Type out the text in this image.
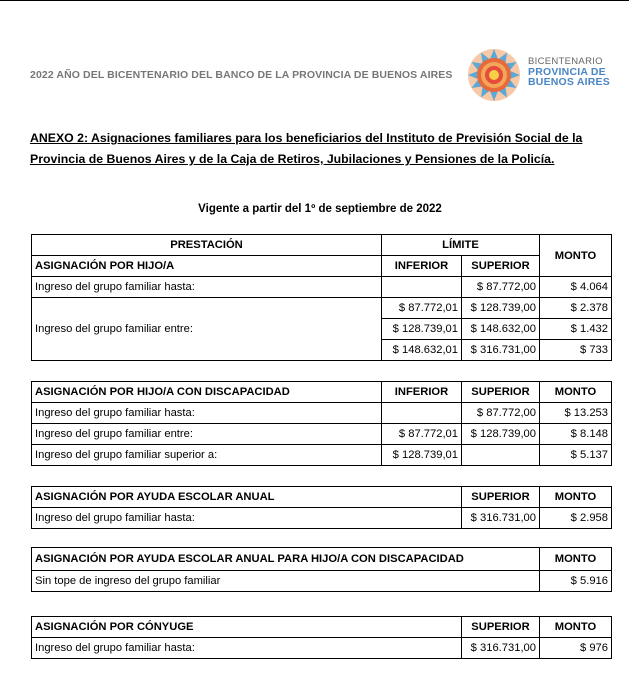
2022 AÑO DEL BICENTENARIO DEL BANCO DE LA PROVINCIA DE BUENOS AIRES
BICENTENARIO
PROVINCIA DE
BUENOS AIRES
ANEXO 2: Asignaciones familiares para los beneficiarios del Instituto de Previsión Social de la Provincia de Buenos Aires y de la Caja de Retiros, Jubilaciones y Pensiones de la Policía.
Vigente a partir del 1º de septiembre de 2022
PRESTACIÓN	LÍMITE		MONTO
ASIGNACIÓN POR HIJO/A	INFERIOR	SUPERIOR	
Ingreso del grupo familiar hasta:		$ 87.772,00	$ 4.064
Ingreso del grupo familiar entre:	$ 87.772,01	$ 128.739,00	$ 2.378
	$ 128.739,01	$ 148.632,00	$ 1.432
	$ 148.632,01	$ 316.731,00	$ 733
ASIGNACIÓN POR HIJO/A CON DISCAPACIDAD	INFERIOR	SUPERIOR	MONTO
Ingreso del grupo familiar hasta:		$ 87.772,00	$ 13.253
Ingreso del grupo familiar entre:	$ 87.772,01	$ 128.739,00	$ 8.148
Ingreso del grupo familiar superior a:	$ 128.739,01		$ 5.137
ASIGNACIÓN POR AYUDA ESCOLAR ANUAL	SUPERIOR	MONTO
Ingreso del grupo familiar hasta:	$ 316.731,00	$ 2.958
ASIGNACIÓN POR AYUDA ESCOLAR ANUAL PARA HIJO/A CON DISCAPACIDAD	MONTO
Sin tope de ingreso del grupo familiar	$ 5.916
ASIGNACIÓN POR CÓNYUGE	SUPERIOR	MONTO
Ingreso del grupo familiar hasta:	$ 316.731,00	$ 976
